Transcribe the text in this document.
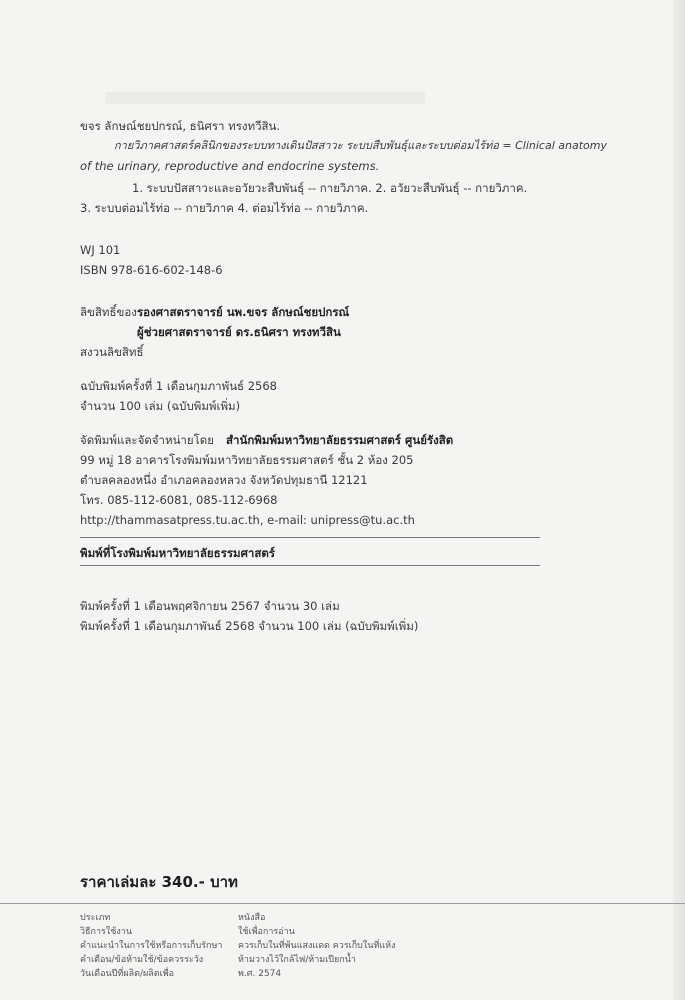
ขจร ลักษณ์ชยปกรณ์, ธนิศรา ทรงทวีสิน.
กายวิภาคศาสตร์คลินิกของระบบทางเดินปัสสาวะ ระบบสืบพันธุ์และระบบต่อมไร้ท่อ = Clinical anatomy
of the urinary, reproductive and endocrine systems.
1. ระบบปัสสาวะและอวัยวะสืบพันธุ์ -- กายวิภาค. 2. อวัยวะสืบพันธุ์ -- กายวิภาค.
3. ระบบต่อมไร้ท่อ -- กายวิภาค 4. ต่อมไร้ท่อ -- กายวิภาค.
WJ 101
ISBN 978-616-602-148-6
ลิขสิทธิ์ของ รองศาสตราจารย์ นพ.ขจร ลักษณ์ชยปกรณ์
ผู้ช่วยศาสตราจารย์ ดร.ธนิศรา ทรงทวีสิน
สงวนลิขสิทธิ์
ฉบับพิมพ์ครั้งที่ 1 เดือนกุมภาพันธ์ 2568
จำนวน 100 เล่ม (ฉบับพิมพ์เพิ่ม)
จัดพิมพ์และจัดจำหน่ายโดย สำนักพิมพ์มหาวิทยาลัยธรรมศาสตร์ ศูนย์รังสิต
99 หมู่ 18 อาคารโรงพิมพ์มหาวิทยาลัยธรรมศาสตร์ ชั้น 2 ห้อง 205
ตำบลคลองหนึ่ง อำเภอคลองหลวง จังหวัดปทุมธานี 12121
โทร. 085-112-6081, 085-112-6968
http://thammasatpress.tu.ac.th, e-mail: unipress@tu.ac.th
พิมพ์ที่โรงพิมพ์มหาวิทยาลัยธรรมศาสตร์
พิมพ์ครั้งที่ 1 เดือนพฤศจิกายน 2567 จำนวน 30 เล่ม
พิมพ์ครั้งที่ 1 เดือนกุมภาพันธ์ 2568 จำนวน 100 เล่ม (ฉบับพิมพ์เพิ่ม)
ราคาเล่มละ 340.- บาท
ประเภท
วิธีการใช้งาน
คำแนะนำในการใช้หรือการเก็บรักษา
คำเตือน/ข้อห้ามใช้/ข้อควรระวัง
วันเดือนปีที่ผลิต/ผลิตเพื่อ
หนังสือ
ใช้เพื่อการอ่าน
ควรเก็บในที่พ้นแสงแดด ควรเก็บในที่แห้ง
ห้ามวางไว้ใกล้ไฟ/ห้ามเปียกน้ำ
พ.ศ. 2574
